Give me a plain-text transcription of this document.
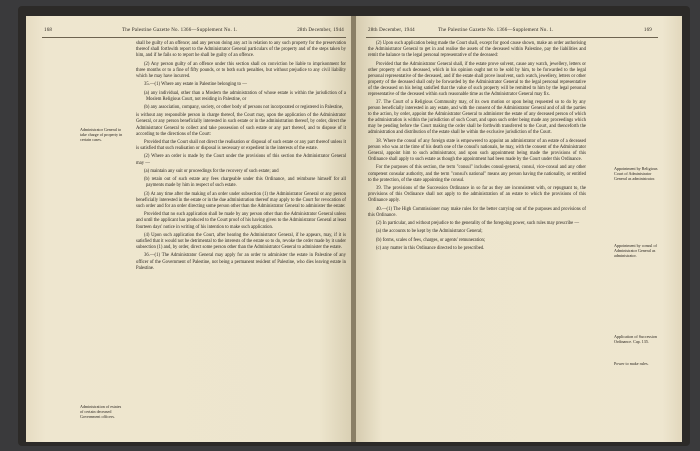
168	The Palestine Gazette No. 1366—Supplement No. 1.	28th December, 1944
Administrator General to take charge of property in certain cases.
Administration of estates of certain deceased Government officers.

shall be guilty of an offence; and any person doing any act in relation to any such property for the preservation thereof shall forthwith report to the Administrator General particulars of the property and of the steps taken by him, and if he fails so to report he shall be guilty of an offence.

(2) Any person guilty of an offence under this section shall on conviction be liable to imprisonment for three months or to a fine of fifty pounds, or to both such penalties, but without prejudice to any civil liability which he may have incurred.

35.—(1) Where any estate in Palestine belonging to —

(a) any individual, other than a Moslem the administration of whose estate is within the jurisdiction of a Moslem Religious Court, not residing in Palestine, or

(b) any association, company, society, or other body of persons not incorporated or registered in Palestine,

is without any responsible person in charge thereof, the Court may, upon the application of the Administrator General, or any person beneficially interested in such estate or in the administration thereof, by order, direct the Administrator General to collect and take possession of such estate or any part thereof, and to dispose of it according to the directions of the Court:

Provided that the Court shall not direct the realisation or disposal of such estate or any part thereof unless it is satisfied that such realisation or disposal is necessary or expedient in the interests of the estate.

(2) Where an order is made by the Court under the provisions of this section the Administrator General may —

(a) maintain any suit or proceedings for the recovery of such estate; and

(b) retain out of such estate any fees chargeable under this Ordinance, and reimburse himself for all payments made by him in respect of such estate.

(3) At any time after the making of an order under subsection (1) the Administrator General or any person beneficially interested in the estate or in the due administration thereof may apply to the Court for revocation of such order and for an order directing some person other than the Administrator General to administer the estate:

Provided that no such application shall be made by any person other than the Administrator General unless and until the applicant has produced to the Court proof of his having given to the Administrator General at least fourteen days' notice in writing of his intention to make such application.

(4) Upon such application the Court, after hearing the Administrator General, if he appears, may, if it is satisfied that it would not be detrimental to the interests of the estate so to do, revoke the order made by it under subsection (1) and, by order, direct some person other than the Administrator General to administer the estate.

36.—(1) The Administrator General may apply for an order to administer the estate in Palestine of any officer of the Government of Palestine, not being a permanent resident of Palestine, who dies leaving estate in Palestine.

28th December, 1944	The Palestine Gazette No. 1366—Supplement No. 1.	169

(2) Upon such application being made the Court shall, except for good cause shown, make an order authorising the Administrator General to get in and realise the assets of the deceased within Palestine, pay the liabilities and remit the balance to the legal personal representative of the deceased:

Provided that the Administrator General shall, if the estate prove solvent, cause any watch, jewellery, letters or other property of such deceased, which in his opinion ought not to be sold by him, to be forwarded to the legal personal representative of the deceased, and if the estate shall prove insolvent, such watch, jewellery, letters or other property of the deceased shall only be forwarded by the Administrator General to the legal personal representative of the deceased on his being satisfied that the value of such property will be remitted to him by the legal personal representative of the deceased within such reasonable time as the Administrator General may fix.

37. The Court of a Religious Community may, of its own motion or upon being requested so to do by any person beneficially interested in any estate, and with the consent of the Administrator General and of all the parties to the action, by order, appoint the Administrator General to administer the estate of any deceased person of which the administration is within the jurisdiction of such Court, and upon such order being made any proceedings which may be pending before the Court making the order shall be forthwith transferred to the Court, and thenceforth the administration and distribution of the estate shall be within the exclusive jurisdiction of the Court.

38. Where the consul of any foreign state is empowered to appoint an administrator of an estate of a deceased person who was at the time of his death one of the consul's nationals, he may, with the consent of the Administrator General, appoint him to such administrator, and upon such appointment being made the provisions of this Ordinance shall apply to such estate as though the appointment had been made by the Court under this Ordinance.

For the purposes of this section, the term "consul" includes consul-general, consul, vice-consul and any other competent consular authority, and the term "consul's national" means any person having the nationality, or entitled to the protection, of the state appointing the consul.

39. The provisions of the Succession Ordinance in so far as they are inconsistent with, or repugnant to, the provisions of this Ordinance shall not apply to the administration of an estate to which the provisions of this Ordinance apply.

40.—(1) The High Commissioner may make rules for the better carrying out of the purposes and provisions of this Ordinance.

(2) In particular, and without prejudice to the generality of the foregoing power, such rules may prescribe —

(a) the accounts to be kept by the Administrator General;

(b) forms, scales of fees, charges, or agents' remuneration;

(c) any matter in this Ordinance directed to be prescribed.

Appointment by Religious Court of Administrator General as administrator.
Appointment by consul of Administrator General as administrator.
Application of Succession Ordinance. Cap. 135.
Power to make rules.
